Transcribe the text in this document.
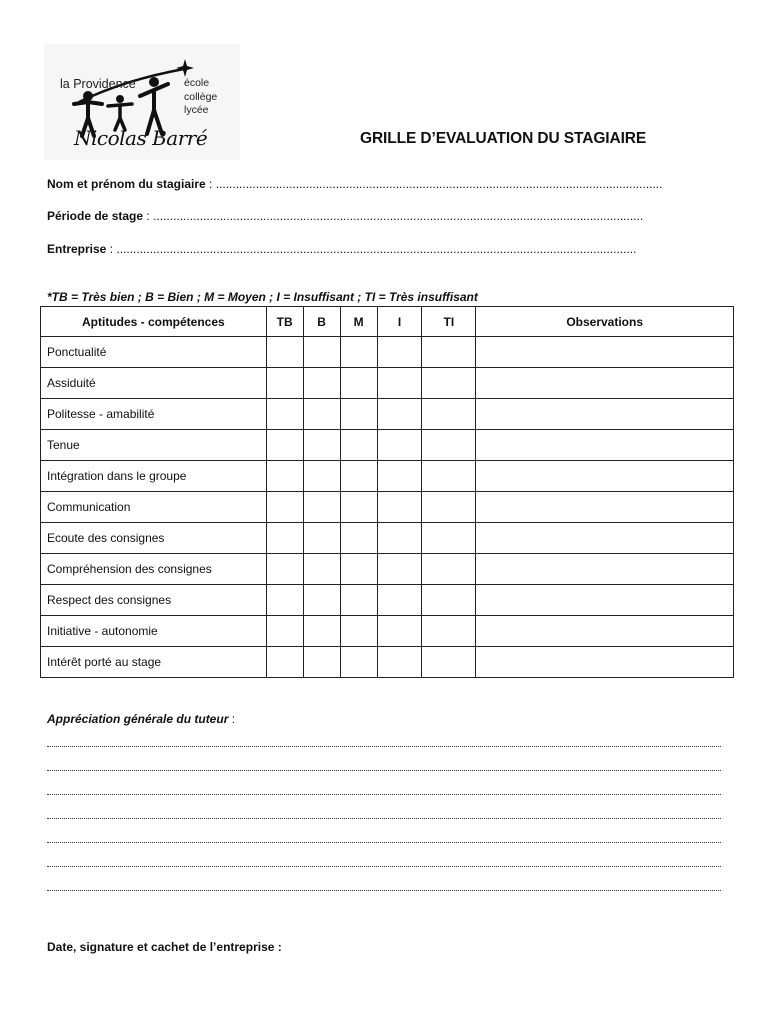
la Providence	école
collège
lycée
Nicolas Barré	GRILLE D’EVALUATION DU STAGIAIRE
Nom et prénom du stagiaire : ......................................................................................................................................
Période de stage : ...................................................................................................................................................
Entreprise : ............................................................................................................................................................
*TB = Très bien ; B = Bien ; M = Moyen ; I = Insuffisant ; TI = Très insuffisant
Aptitudes - compétences	TB	B	M	I	TI	Observations
Ponctualité						
Assiduité						
Politesse - amabilité						
Tenue						
Intégration dans le groupe						
Communication						
Ecoute des consignes						
Compréhension des consignes						
Respect des consignes						
Initiative - autonomie						
Intérêt porté au stage						
Appréciation générale du tuteur :
Date, signature et cachet de l’entreprise :
